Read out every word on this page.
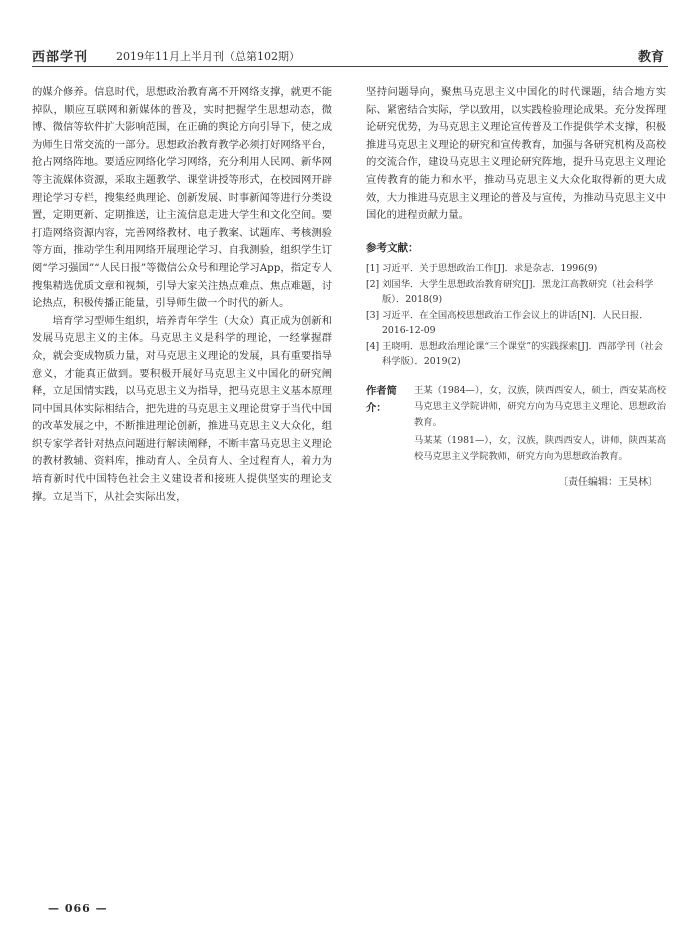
西部学刊	2019年11月上半月刊（总第102期）	教育

的媒介修养。信息时代，思想政治教育离不开网络支撑，就更不能掉队，顺应互联网和新媒体的普及，实时把握学生思想动态，微博、微信等软件扩大影响范围，在正确的舆论方向引导下，使之成为师生日常交流的一部分。思想政治教育教学必须打好网络平台，抢占网络阵地。要适应网络化学习网络，充分利用人民网、新华网等主流媒体资源，采取主题教学、课堂讲授等形式，在校园网开辟理论学习专栏，搜集经典理论、创新发展、时事新闻等进行分类设置，定期更新、定期推送，让主流信息走进大学生和文化空间。要打造网络资源内容，完善网络教材、电子教案、试题库、考核测验等方面，推动学生利用网络开展理论学习、自我测验，组织学生订阅“学习强国”“人民日报”等微信公众号和理论学习App，指定专人搜集精选优质文章和视频，引导大家关注热点难点、焦点难题，讨论热点，积极传播正能量，引导师生做一个时代的新人。

培育学习型师生组织，培养青年学生（大众）真正成为创新和发展马克思主义的主体。马克思主义是科学的理论，一经掌握群众，就会变成物质力量，对马克思主义理论的发展，具有重要指导意义，才能真正做到。要积极开展好马克思主义中国化的研究阐释，立足国情实践，以马克思主义为指导，把马克思主义基本原理同中国具体实际相结合，把先进的马克思主义理论贯穿于当代中国的改革发展之中，不断推进理论创新，推进马克思主义大众化，组织专家学者针对热点问题进行解读阐释，不断丰富马克思主义理论的教材教辅、资料库，推动育人、全员育人、全过程育人，着力为培育新时代中国特色社会主义建设者和接班人提供坚实的理论支撑。立足当下，从社会实际出发，

坚持问题导向，聚焦马克思主义中国化的时代课题，结合地方实际、紧密结合实际，学以致用，以实践检验理论成果。充分发挥理论研究优势，为马克思主义理论宣传普及工作提供学术支撑，积极推进马克思主义理论的研究和宣传教育，加强与各研究机构及高校的交流合作，建设马克思主义理论研究阵地，提升马克思主义理论宣传教育的能力和水平，推动马克思主义大众化取得新的更大成效，大力推进马克思主义理论的普及与宣传，为推动马克思主义中国化的进程贡献力量。

参考文献：
[1] 习近平．关于思想政治工作[J]．求是杂志．1996(9)
[2] 刘国华．大学生思想政治教育研究[J]．黑龙江高教研究（社会科学版）．2018(9)
[3] 习近平．在全国高校思想政治工作会议上的讲话[N]．人民日报．2016-12-09
[4] 王晓明．思想政治理论课“三个课堂”的实践探索[J]．西部学刊（社会科学版）．2019(2)
作者简介：

王某（1984—），女，汉族，陕西西安人，硕士，西安某高校马克思主义学院讲师，研究方向为马克思主义理论、思想政治教育。

马某某（1981—），女，汉族，陕西西安人，讲师，陕西某高校马克思主义学院教师，研究方向为思想政治教育。

〔责任编辑：王昊林〕
— 066 —
